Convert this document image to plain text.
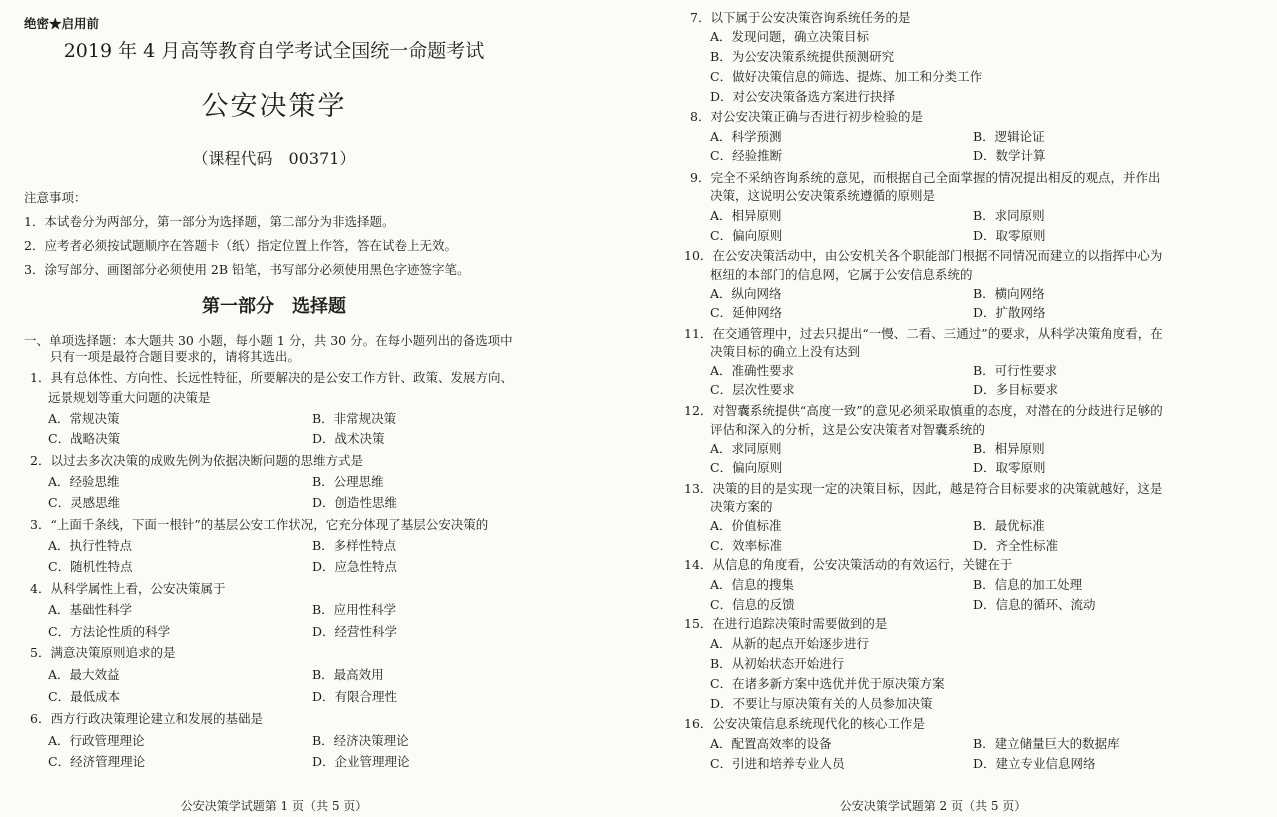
绝密★启用前
2019 年 4 月高等教育自学考试全国统一命题考试
公安决策学
（课程代码　00371）
注意事项：
1．本试卷分为两部分，第一部分为选择题，第二部分为非选择题。
2．应考者必须按试题顺序在答题卡（纸）指定位置上作答，答在试卷上无效。
3．涂写部分、画图部分必须使用 2B 铅笔，书写部分必须使用黑色字迹签字笔。
第一部分　选择题
一、单项选择题：本大题共 30 小题，每小题 1 分，共 30 分。在每小题列出的备选项中
只有一项是最符合题目要求的，请将其选出。
1．具有总体性、方向性、长远性特征，所要解决的是公安工作方针、政策、发展方向、
远景规划等重大问题的决策是
A．常规决策	B．非常规决策
C．战略决策	D．战术决策
2．以过去多次决策的成败先例为依据决断问题的思维方式是
A．经验思维	B．公理思维
C．灵感思维	D．创造性思维
3．“上面千条线，下面一根针”的基层公安工作状况，它充分体现了基层公安决策的
A．执行性特点	B．多样性特点
C．随机性特点	D．应急性特点
4．从科学属性上看，公安决策属于
A．基础性科学	B．应用性科学
C．方法论性质的科学	D．经营性科学
5．满意决策原则追求的是
A．最大效益	B．最高效用
C．最低成本	D．有限合理性
6．西方行政决策理论建立和发展的基础是
A．行政管理理论	B．经济决策理论
C．经济管理理论	D．企业管理理论
公安决策学试题第 1 页（共 5 页）
7．以下属于公安决策咨询系统任务的是
A．发现问题，确立决策目标
B．为公安决策系统提供预测研究
C．做好决策信息的筛选、提炼、加工和分类工作
D．对公安决策备选方案进行抉择
8．对公安决策正确与否进行初步检验的是
A．科学预测	B．逻辑论证
C．经验推断	D．数学计算
9．完全不采纳咨询系统的意见，而根据自己全面掌握的情况提出相反的观点，并作出
决策，这说明公安决策系统遵循的原则是
A．相异原则	B．求同原则
C．偏向原则	D．取零原则
10．在公安决策活动中，由公安机关各个职能部门根据不同情况而建立的以指挥中心为
枢纽的本部门的信息网，它属于公安信息系统的
A．纵向网络	B．横向网络
C．延伸网络	D．扩散网络
11．在交通管理中，过去只提出“一慢、二看、三通过”的要求，从科学决策角度看，在
决策目标的确立上没有达到
A．准确性要求	B．可行性要求
C．层次性要求	D．多目标要求
12．对智囊系统提供“高度一致”的意见必须采取慎重的态度，对潜在的分歧进行足够的
评估和深入的分析，这是公安决策者对智囊系统的
A．求同原则	B．相异原则
C．偏向原则	D．取零原则
13．决策的目的是实现一定的决策目标，因此，越是符合目标要求的决策就越好，这是
决策方案的
A．价值标准	B．最优标准
C．效率标准	D．齐全性标准
14．从信息的角度看，公安决策活动的有效运行，关键在于
A．信息的搜集	B．信息的加工处理
C．信息的反馈	D．信息的循环、流动
15．在进行追踪决策时需要做到的是
A．从新的起点开始逐步进行
B．从初始状态开始进行
C．在诸多新方案中选优并优于原决策方案
D．不要让与原决策有关的人员参加决策
16．公安决策信息系统现代化的核心工作是
A．配置高效率的设备	B．建立储量巨大的数据库
C．引进和培养专业人员	D．建立专业信息网络
公安决策学试题第 2 页（共 5 页）
